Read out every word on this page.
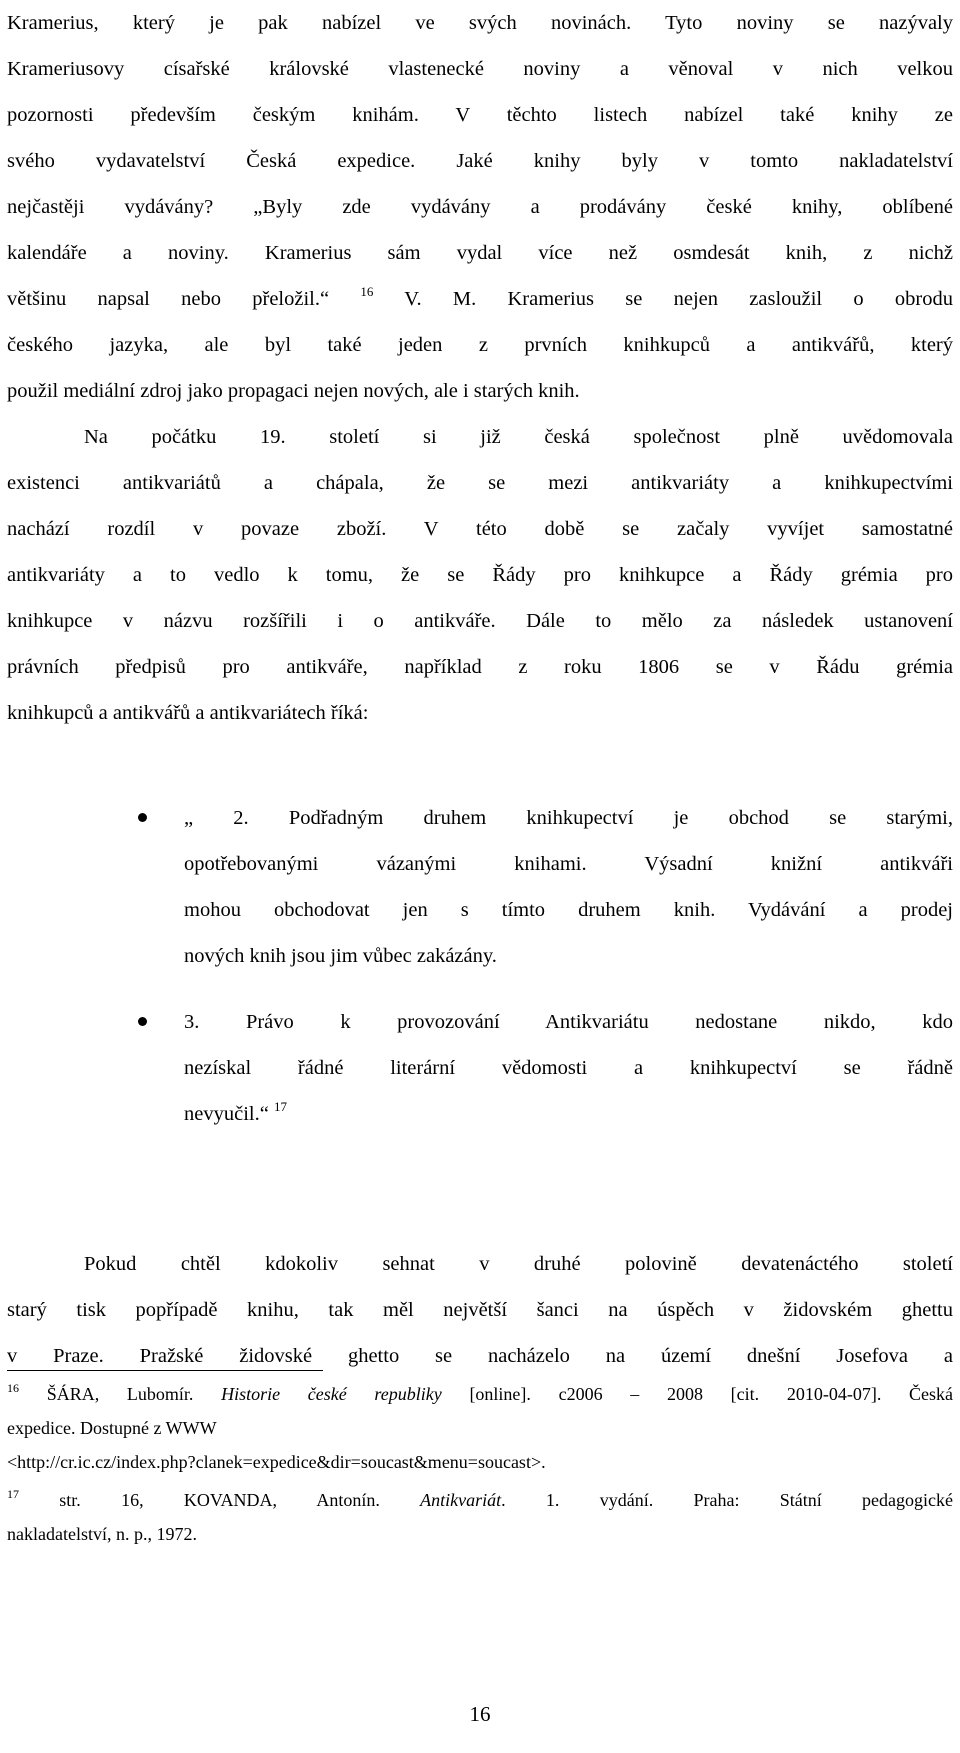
Kramerius, který je pak nabízel ve svých novinách. Tyto noviny se nazývaly
Krameriusovy císařské královské vlastenecké noviny a věnoval v nich velkou
pozornosti především českým knihám. V těchto listech nabízel také knihy ze
svého vydavatelství Česká expedice. Jaké knihy byly v tomto nakladatelství
nejčastěji vydávány? „Byly zde vydávány a prodávány české knihy, oblíbené
kalendáře a noviny. Kramerius sám vydal více než osmdesát knih, z nichž
většinu napsal nebo přeložil.“ $^{16}$ V. M. Kramerius se nejen zasloužil o obrodu
českého jazyka, ale byl také jeden z prvních knihkupců a antikvářů, který
použil mediální zdroj jako propagaci nejen nových, ale i starých knih.
Na počátku 19. století si již česká společnost plně uvědomovala
existenci antikvariátů a chápala, že se mezi antikvariáty a knihkupectvími
nachází rozdíl v povaze zboží. V této době se začaly vyvíjet samostatné
antikvariáty a to vedlo k tomu, že se Řády pro knihkupce a Řády grémia pro
knihkupce v názvu rozšířili i o antikváře. Dále to mělo za následek ustanovení
právních předpisů pro antikváře, například z roku 1806 se v Řádu grémia
knihkupců a antikvářů a antikvariátech říká:
„ 2. Podřadným druhem knihkupectví je obchod se starými,
opotřebovanými vázanými knihami. Výsadní knižní antikváři
mohou obchodovat jen s tímto druhem knih. Vydávání a prodej
nových knih jsou jim vůbec zakázány.
3. Právo k provozování Antikvariátu nedostane nikdo, kdo
nezískal řádné literární vědomosti a knihkupectví se řádně
nevyučil.“ $^{17}$
Pokud chtěl kdokoliv sehnat v druhé polovině devatenáctého století
starý tisk popřípadě knihu, tak měl největší šanci na úspěch v židovském ghettu
v Praze. Pražské židovské ghetto se nacházelo na území dnešní Josefova a
$^{16}$ ŠÁRA, Lubomír. Historie české republiky [online]. c2006 – 2008 [cit. 2010-04-07]. Česká
expedice. Dostupné z WWW
<http://cr.ic.cz/index.php?clanek=expedice&dir=soucast&menu=soucast>.
$^{17}$ str. 16, KOVANDA, Antonín. Antikvariát. 1. vydání. Praha: Státní pedagogické
nakladatelství, n. p., 1972.
16
